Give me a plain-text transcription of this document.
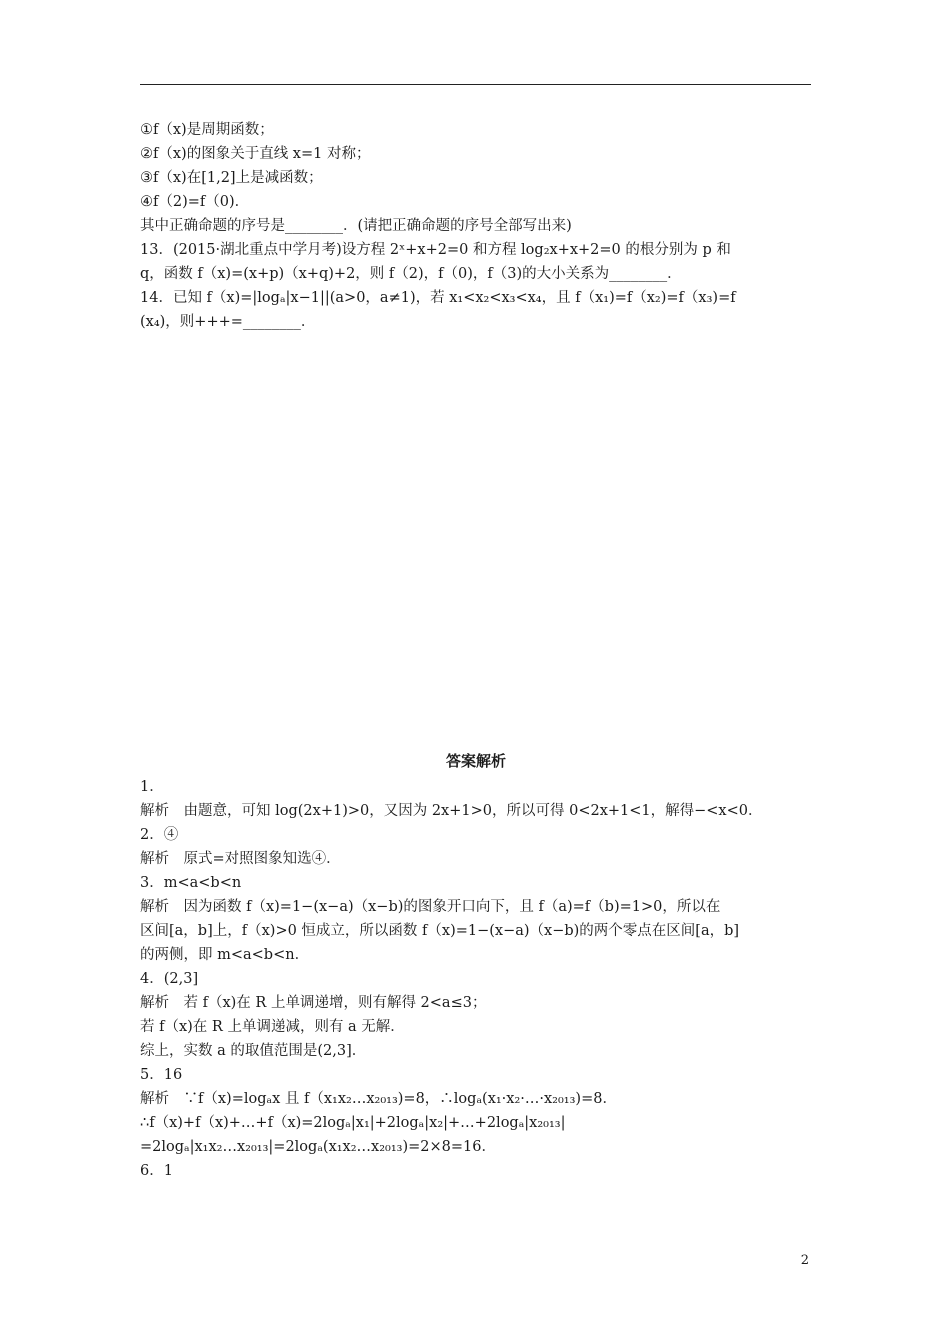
①f（x)是周期函数；
②f（x)的图象关于直线 x=1 对称；
③f（x)在[1,2]上是减函数；
④f（2)=f（0)．
其中正确命题的序号是________．(请把正确命题的序号全部写出来)
13．(2015·湖北重点中学月考)设方程 2ˣ+x+2=0 和方程 log₂x+x+2=0 的根分别为 p 和
q，函数 f（x)=(x+p)（x+q)+2，则 f（2)，f（0)，f（3)的大小关系为________．
14．已知 f（x)=|logₐ|x−1||(a>0，a≠1)，若 x₁<x₂<x₃<x₄，且 f（x₁)=f（x₂)=f（x₃)=f
(x₄)，则+++=________．
答案解析
1．
解析　由题意，可知 log(2x+1)>0，又因为 2x+1>0，所以可得 0<2x+1<1，解得−<x<0．
2．④
解析　原式=对照图象知选④．
3．m<a<b<n
解析　因为函数 f（x)=1−(x−a)（x−b)的图象开口向下，且 f（a)=f（b)=1>0，所以在
区间[a，b]上，f（x)>0 恒成立，所以函数 f（x)=1−(x−a)（x−b)的两个零点在区间[a，b]
的两侧，即 m<a<b<n．
4．(2,3]
解析　若 f（x)在 R 上单调递增，则有解得 2<a≤3；
若 f（x)在 R 上单调递减，则有 a 无解．
综上，实数 a 的取值范围是(2,3]．
5．16
解析　∵f（x)=logₐx 且 f（x₁x₂…x₂₀₁₃)=8，∴logₐ(x₁·x₂·…·x₂₀₁₃)=8．
∴f（x)+f（x)+…+f（x)=2logₐ|x₁|+2logₐ|x₂|+…+2logₐ|x₂₀₁₃|
=2logₐ|x₁x₂…x₂₀₁₃|=2logₐ(x₁x₂…x₂₀₁₃)=2×8=16．
6．1
2
